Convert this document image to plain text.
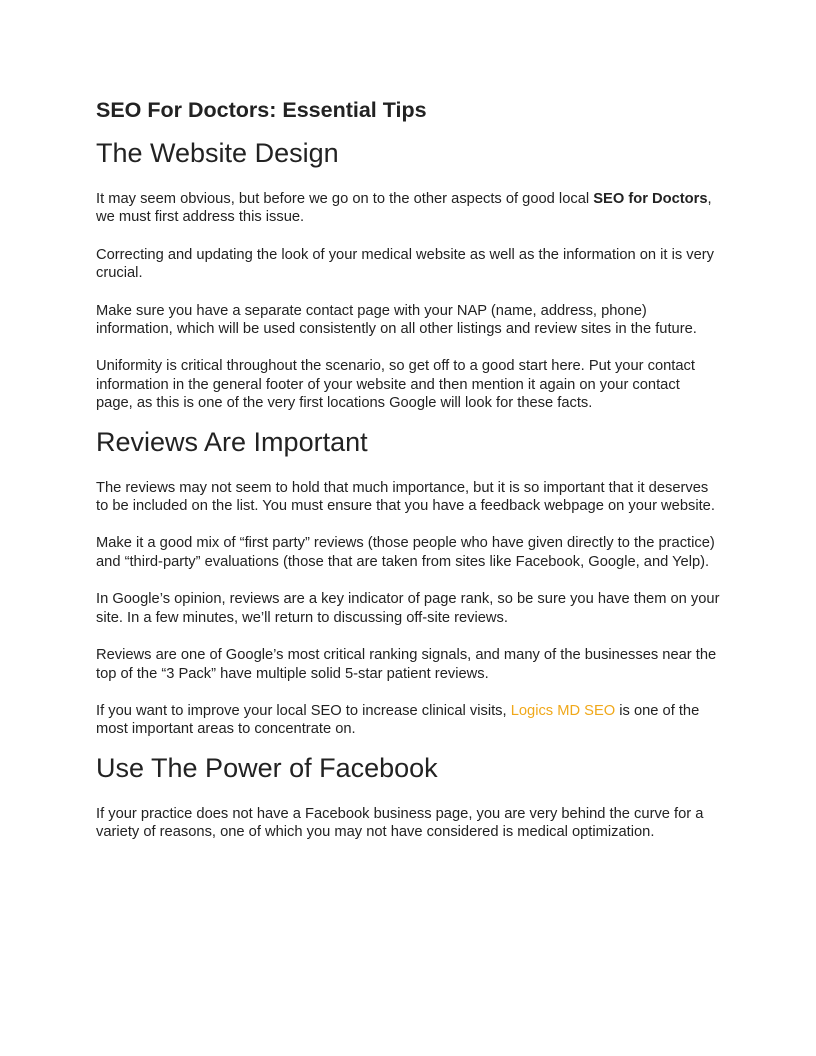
SEO For Doctors: Essential Tips
The Website Design

It may seem obvious, but before we go on to the other aspects of good local SEO for Doctors, we must first address this issue.

Correcting and updating the look of your medical website as well as the information on it is very crucial.

Make sure you have a separate contact page with your NAP (name, address, phone) information, which will be used consistently on all other listings and review sites in the future.

Uniformity is critical throughout the scenario, so get off to a good start here. Put your contact information in the general footer of your website and then mention it again on your contact page, as this is one of the very first locations Google will look for these facts.

Reviews Are Important

The reviews may not seem to hold that much importance, but it is so important that it deserves to be included on the list. You must ensure that you have a feedback webpage on your website.

Make it a good mix of “first party” reviews (those people who have given directly to the practice) and “third-party” evaluations (those that are taken from sites like Facebook, Google, and Yelp).

In Google’s opinion, reviews are a key indicator of page rank, so be sure you have them on your site. In a few minutes, we’ll return to discussing off-site reviews.

Reviews are one of Google’s most critical ranking signals, and many of the businesses near the top of the “3 Pack” have multiple solid 5-star patient reviews.

If you want to improve your local SEO to increase clinical visits, Logics MD SEO is one of the most important areas to concentrate on.

Use The Power of Facebook

If your practice does not have a Facebook business page, you are very behind the curve for a variety of reasons, one of which you may not have considered is medical optimization.
